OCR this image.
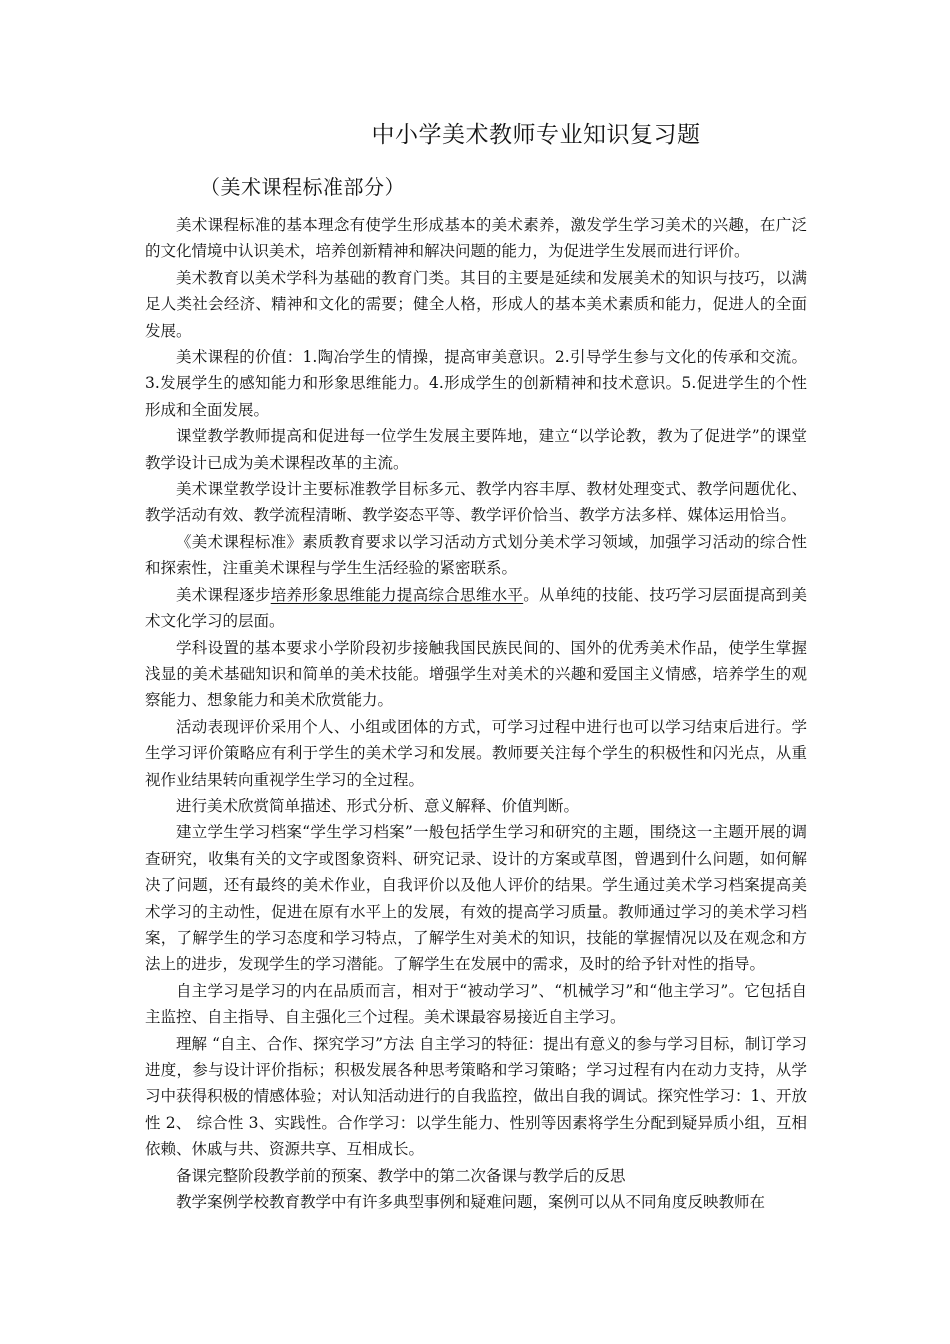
中小学美术教师专业知识复习题
（美术课程标准部分）

美术课程标准的基本理念有使学生形成基本的美术素养，激发学生学习美术的兴趣，在广泛的文化情境中认识美术，培养创新精神和解决问题的能力，为促进学生发展而进行评价。

美术教育以美术学科为基础的教育门类。其目的主要是延续和发展美术的知识与技巧，以满足人类社会经济、精神和文化的需要；健全人格，形成人的基本美术素质和能力，促进人的全面发展。

美术课程的价值：1.陶冶学生的情操，提高审美意识。2.引导学生参与文化的传承和交流。3.发展学生的感知能力和形象思维能力。4.形成学生的创新精神和技术意识。5.促进学生的个性形成和全面发展。

课堂教学教师提高和促进每一位学生发展主要阵地，建立“以学论教，教为了促进学”的课堂教学设计已成为美术课程改革的主流。

美术课堂教学设计主要标准教学目标多元、教学内容丰厚、教材处理变式、教学问题优化、教学活动有效、教学流程清晰、教学姿态平等、教学评价恰当、教学方法多样、媒体运用恰当。

《美术课程标准》素质教育要求以学习活动方式划分美术学习领域，加强学习活动的综合性和探索性，注重美术课程与学生生活经验的紧密联系。

美术课程逐步培养形象思维能力提高综合思维水平。从单纯的技能、技巧学习层面提高到美术文化学习的层面。

学科设置的基本要求小学阶段初步接触我国民族民间的、国外的优秀美术作品，使学生掌握浅显的美术基础知识和简单的美术技能。增强学生对美术的兴趣和爱国主义情感，培养学生的观察能力、想象能力和美术欣赏能力。

活动表现评价采用个人、小组或团体的方式，可学习过程中进行也可以学习结束后进行。学生学习评价策略应有利于学生的美术学习和发展。教师要关注每个学生的积极性和闪光点，从重视作业结果转向重视学生学习的全过程。

进行美术欣赏简单描述、形式分析、意义解释、价值判断。

建立学生学习档案“学生学习档案”一般包括学生学习和研究的主题，围绕这一主题开展的调查研究，收集有关的文字或图象资料、研究记录、设计的方案或草图，曾遇到什么问题，如何解决了问题，还有最终的美术作业，自我评价以及他人评价的结果。学生通过美术学习档案提高美术学习的主动性，促进在原有水平上的发展，有效的提高学习质量。教师通过学习的美术学习档案，了解学生的学习态度和学习特点，了解学生对美术的知识，技能的掌握情况以及在观念和方法上的进步，发现学生的学习潜能。了解学生在发展中的需求，及时的给予针对性的指导。

自主学习是学习的内在品质而言，相对于“被动学习”、“机械学习”和“他主学习”。它包括自主监控、自主指导、自主强化三个过程。美术课最容易接近自主学习。

理解 “自主、合作、探究学习”方法 自主学习的特征：提出有意义的参与学习目标，制订学习进度，参与设计评价指标；积极发展各种思考策略和学习策略；学习过程有内在动力支持，从学习中获得积极的情感体验；对认知活动进行的自我监控，做出自我的调试。探究性学习：1、开放性 2、 综合性 3、实践性。合作学习：以学生能力、性别等因素将学生分配到疑异质小组，互相依赖、休戚与共、资源共享、互相成长。

备课完整阶段教学前的预案、教学中的第二次备课与教学后的反思

教学案例学校教育教学中有许多典型事例和疑难问题，案例可以从不同角度反映教师在
